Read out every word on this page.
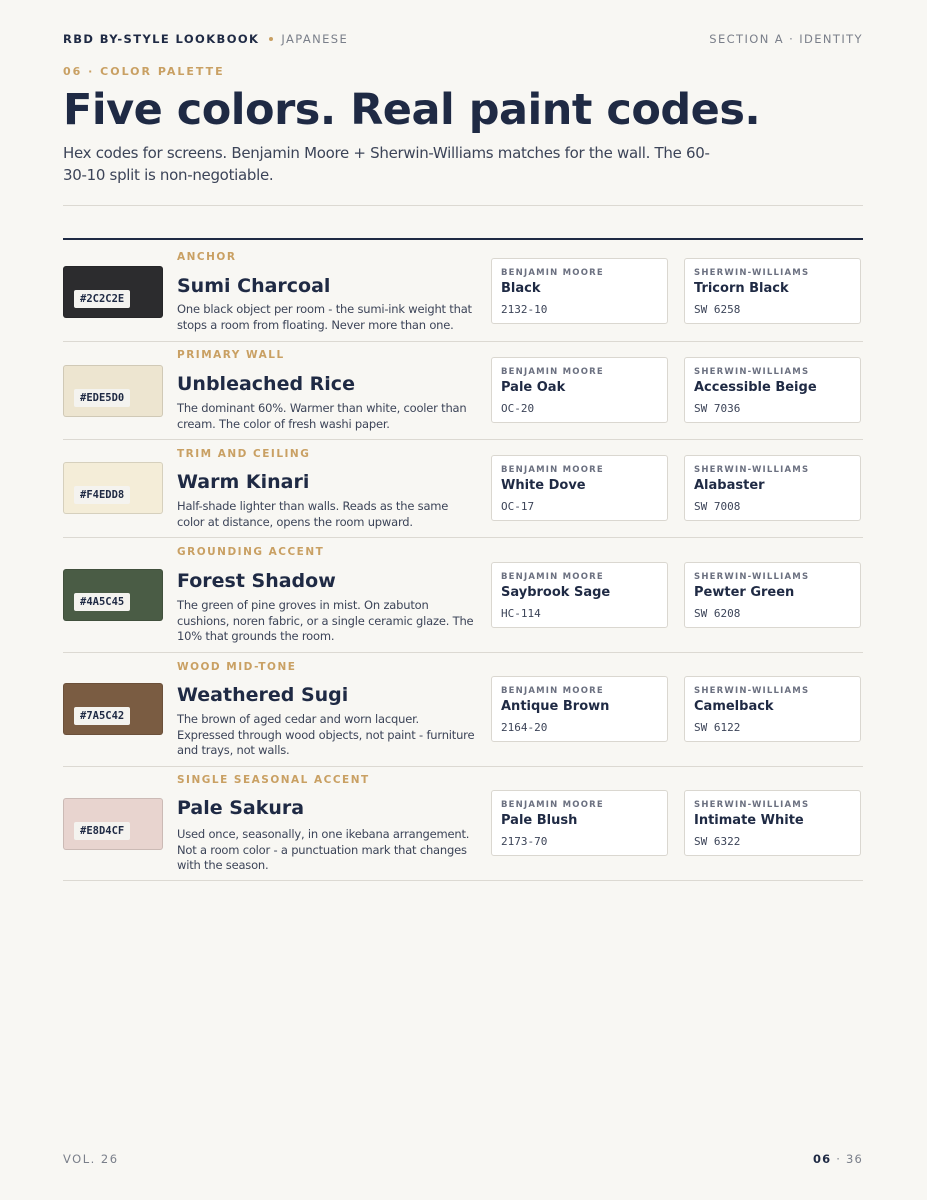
RBD BY-STYLE LOOKBOOK JAPANESE	SECTION A · IDENTITY
06 · COLOR PALETTE
Five colors. Real paint codes.
Hex codes for screens. Benjamin Moore + Sherwin-Williams matches for the wall. The 60-30-10 split is non-negotiable.
#2C2C2E
ANCHOR
Sumi Charcoal
One black object per room - the sumi-ink weight that stops a room from floating. Never more than one.
BENJAMIN MOORE
Black
2132-10
SHERWIN-WILLIAMS
Tricorn Black
SW 6258
#EDE5D0
PRIMARY WALL
Unbleached Rice
The dominant 60%. Warmer than white, cooler than cream. The color of fresh washi paper.
BENJAMIN MOORE
Pale Oak
OC-20
SHERWIN-WILLIAMS
Accessible Beige
SW 7036
#F4EDD8
TRIM AND CEILING
Warm Kinari
Half-shade lighter than walls. Reads as the same color at distance, opens the room upward.
BENJAMIN MOORE
White Dove
OC-17
SHERWIN-WILLIAMS
Alabaster
SW 7008
#4A5C45
GROUNDING ACCENT
Forest Shadow
The green of pine groves in mist. On zabuton cushions, noren fabric, or a single ceramic glaze. The 10% that grounds the room.
BENJAMIN MOORE
Saybrook Sage
HC-114
SHERWIN-WILLIAMS
Pewter Green
SW 6208
#7A5C42
WOOD MID-TONE
Weathered Sugi
The brown of aged cedar and worn lacquer. Expressed through wood objects, not paint - furniture and trays, not walls.
BENJAMIN MOORE
Antique Brown
2164-20
SHERWIN-WILLIAMS
Camelback
SW 6122
#E8D4CF
SINGLE SEASONAL ACCENT
Pale Sakura
Used once, seasonally, in one ikebana arrangement. Not a room color - a punctuation mark that changes with the season.
BENJAMIN MOORE
Pale Blush
2173-70
SHERWIN-WILLIAMS
Intimate White
SW 6322
VOL. 26	06 · 36
